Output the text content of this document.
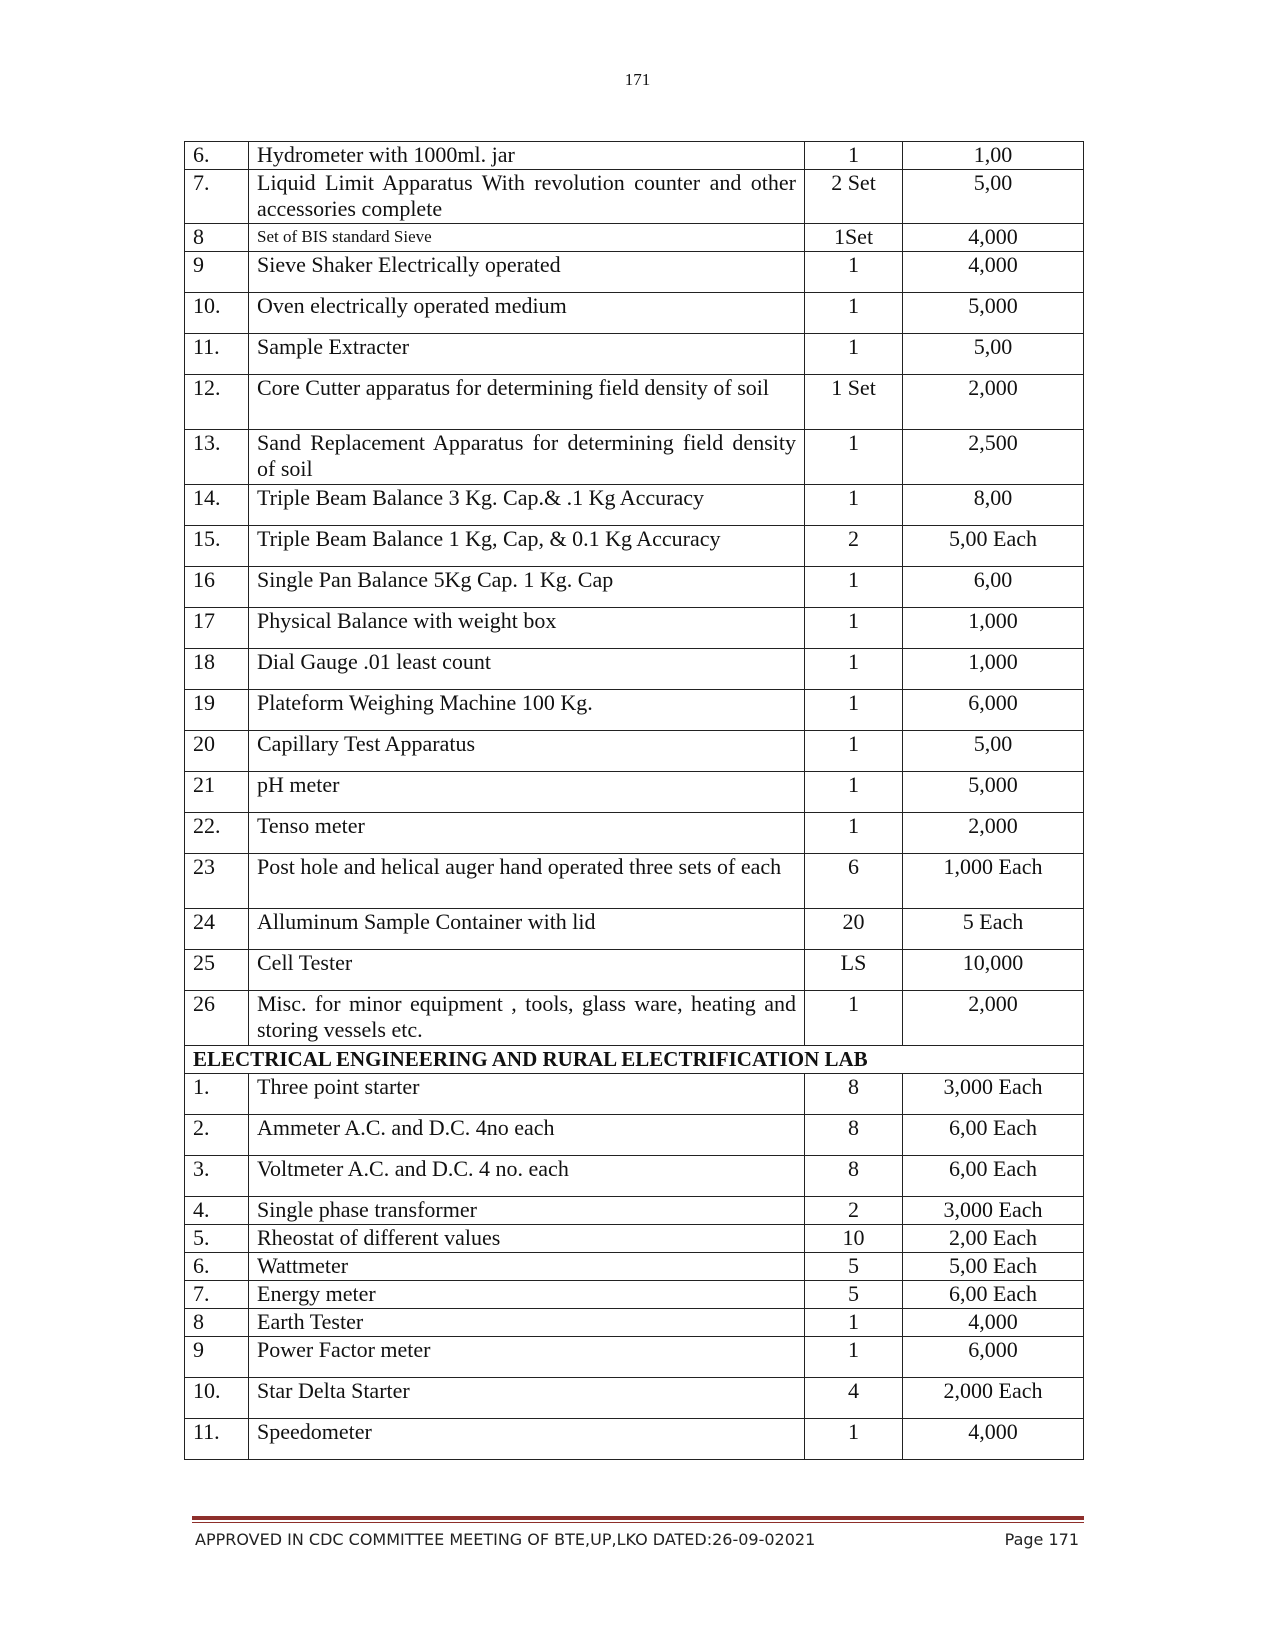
171
6.	Hydrometer with 1000ml. jar	1	1,00
7.	Liquid Limit Apparatus With revolution counter and other accessories complete	2 Set	5,00
8	Set of BIS standard Sieve	1Set	4,000
9	Sieve Shaker Electrically operated	1	4,000
10.	Oven electrically operated medium	1	5,000
11.	Sample Extracter	1	5,00
12.	Core Cutter apparatus for determining field density of soil	1 Set	2,000
13.	Sand Replacement Apparatus for determining field density of soil	1	2,500
14.	Triple Beam Balance 3 Kg. Cap.& .1 Kg Accuracy	1	8,00
15.	Triple Beam Balance 1 Kg, Cap, & 0.1 Kg Accuracy	2	5,00 Each
16	Single Pan Balance 5Kg Cap. 1 Kg. Cap	1	6,00
17	Physical Balance with weight box	1	1,000
18	Dial Gauge .01 least count	1	1,000
19	Plateform Weighing Machine 100 Kg.	1	6,000
20	Capillary Test Apparatus	1	5,00
21	pH meter	1	5,000
22.	Tenso meter	1	2,000
23	Post hole and helical auger hand operated three sets of each	6	1,000 Each
24	Alluminum Sample Container with lid	20	5 Each
25	Cell Tester	LS	10,000
26	Misc. for minor equipment , tools, glass ware, heating and storing vessels etc.	1	2,000
ELECTRICAL ENGINEERING AND RURAL ELECTRIFICATION LAB			
1.	Three point starter	8	3,000 Each
2.	Ammeter A.C. and D.C. 4no each	8	6,00 Each
3.	Voltmeter A.C. and D.C. 4 no. each	8	6,00 Each
4.	Single phase transformer	2	3,000 Each
5.	Rheostat of different values	10	2,00 Each
6.	Wattmeter	5	5,00 Each
7.	Energy meter	5	6,00 Each
8	Earth Tester	1	4,000
9	Power Factor meter	1	6,000
10.	Star Delta Starter	4	2,000 Each
11.	Speedometer	1	4,000
APPROVED IN CDC COMMITTEE MEETING OF BTE,UP,LKO DATED:26-09-02021	Page 171
